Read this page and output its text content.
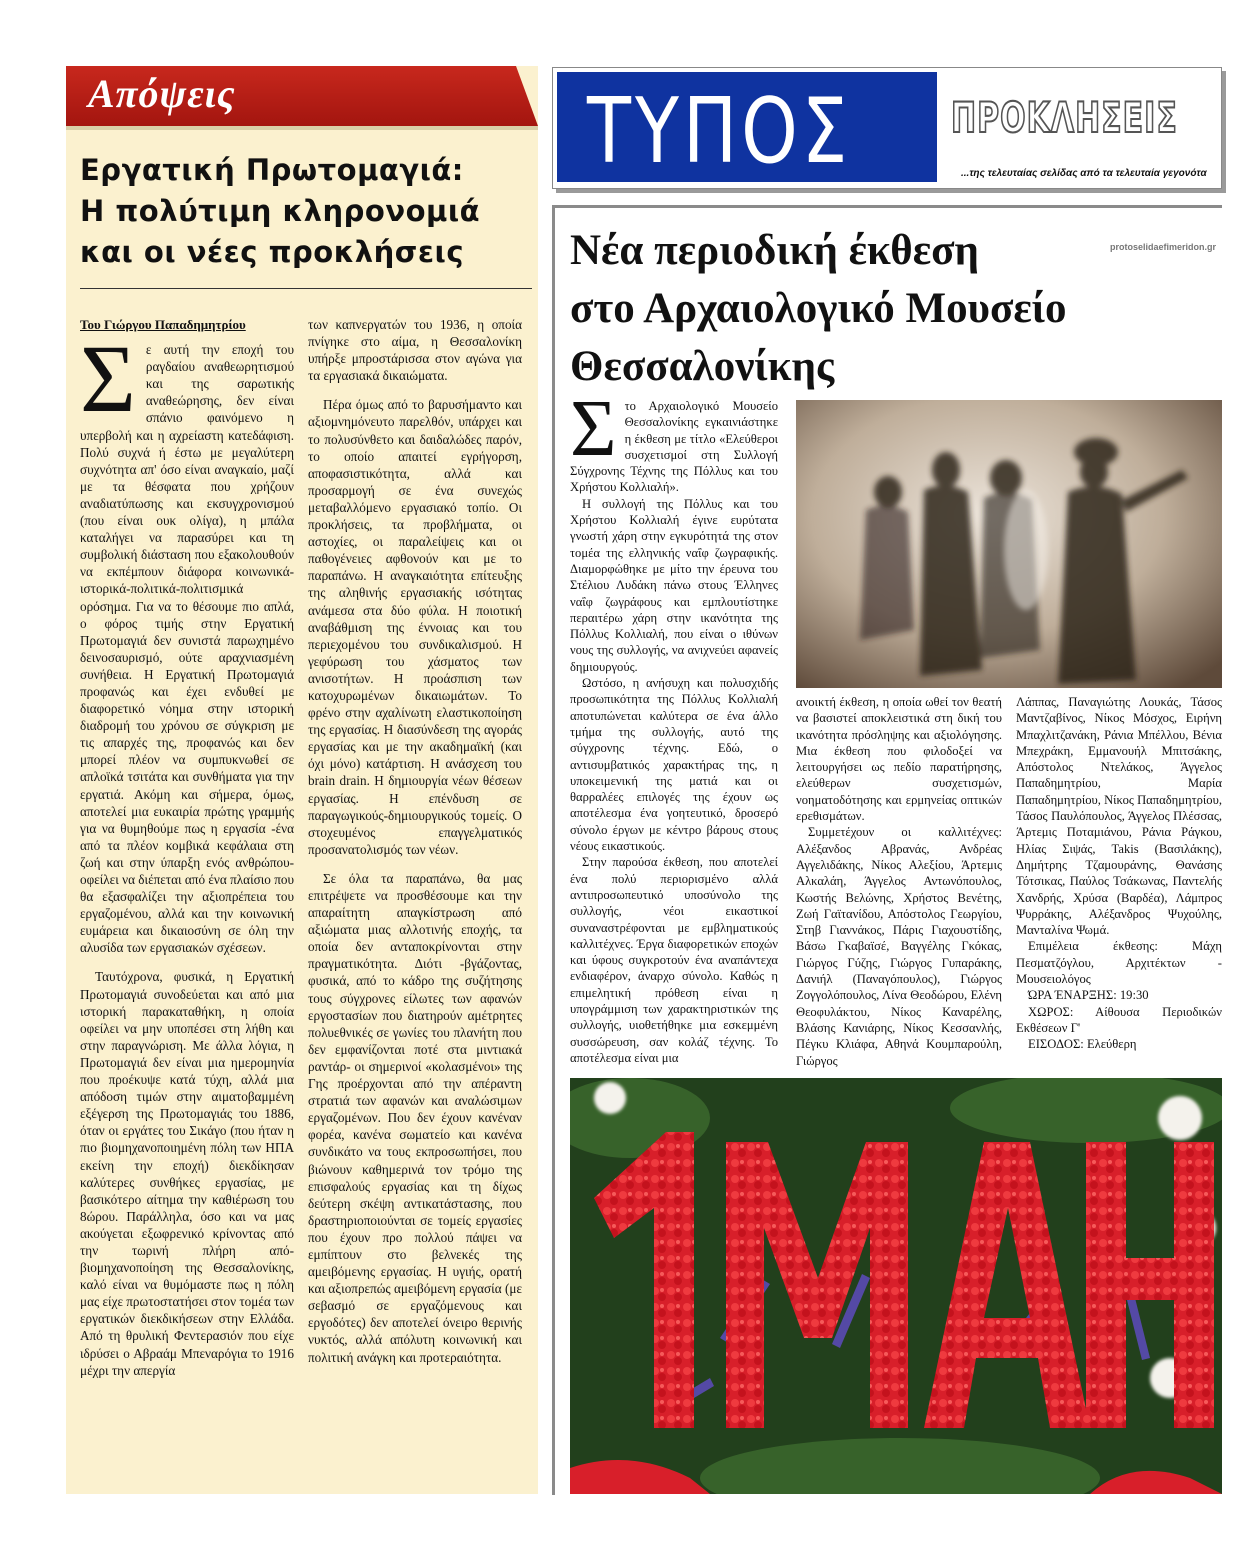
Απόψεις
Εργατική Πρωτομαγιά:
Η πολύτιμη κληρονομιά
και οι νέες προκλήσεις
Του Γιώργου Παπαδημητρίου
Σ ε αυτή την εποχή του ραγδαίου αναθεωρητισμού και της σαρωτικής αναθεώρησης, δεν είναι σπάνιο φαινόμενο η υπερβολή και η αχρείαστη κατεδάφιση. Πολύ συχνά ή έστω με μεγαλύτερη συχνότητα απ' όσο είναι αναγκαίο, μαζί με τα θέσφατα που χρήζουν αναδιατύπωσης και εκσυγχρονισμού (που είναι ουκ ολίγα), η μπάλα καταλήγει να παρασύρει και τη συμβολική διάσταση που εξακολουθούν να εκπέμπουν διάφορα κοινωνικά-ιστορικά-πολιτικά-πολιτισμικά ορόσημα. Για να το θέσουμε πιο απλά, ο φόρος τιμής στην Εργατική Πρωτομαγιά δεν συνιστά παρωχημένο δεινοσαυρισμό, ούτε αραχνιασμένη συνήθεια. Η Εργατική Πρωτομαγιά προφανώς και έχει ενδυθεί με διαφορετικό νόημα στην ιστορική διαδρομή του χρόνου σε σύγκριση με τις απαρχές της, προφανώς και δεν μπορεί πλέον να συμπυκνωθεί σε απλοϊκά τσιτάτα και συνθήματα για την εργατιά. Ακόμη και σήμερα, όμως, αποτελεί μια ευκαιρία πρώτης γραμμής για να θυμηθούμε πως η εργασία -ένα από τα πλέον κομβικά κεφάλαια στη ζωή και στην ύπαρξη ενός ανθρώπου- οφείλει να διέπεται από ένα πλαίσιο που θα εξασφαλίζει την αξιοπρέπεια του εργαζομένου, αλλά και την κοινωνική ευμάρεια και δικαιοσύνη σε όλη την αλυσίδα των εργασιακών σχέσεων.

Ταυτόχρονα, φυσικά, η Εργατική Πρωτομαγιά συνοδεύεται και από μια ιστορική παρακαταθήκη, η οποία οφείλει να μην υποπέσει στη λήθη και στην παραγνώριση. Με άλλα λόγια, η Πρωτομαγιά δεν είναι μια ημερομηνία που προέκυψε κατά τύχη, αλλά μια απόδοση τιμών στην αιματοβαμμένη εξέγερση της Πρωτομαγιάς του 1886, όταν οι εργάτες του Σικάγο (που ήταν η πιο βιομηχανοποιημένη πόλη των ΗΠΑ εκείνη την εποχή) διεκδίκησαν καλύτερες συνθήκες εργασίας, με βασικότερο αίτημα την καθιέρωση του 8ώρου. Παράλληλα, όσο και να μας ακούγεται εξωφρενικό κρίνοντας από την τωρινή πλήρη από-βιομηχανοποίηση της Θεσσαλονίκης, καλό είναι να θυμόμαστε πως η πόλη μας είχε πρωτοστατήσει στον τομέα των εργατικών διεκδικήσεων στην Ελλάδα. Από τη θρυλική Φεντερασιόν που είχε ιδρύσει ο Αβραάμ Μπεναρόγια το 1916 μέχρι την απεργία

των καπνεργατών του 1936, η οποία πνίγηκε στο αίμα, η Θεσσαλονίκη υπήρξε μπροστάρισσα στον αγώνα για τα εργασιακά δικαιώματα.

Πέρα όμως από το βαρυσήμαντο και αξιομνημόνευτο παρελθόν, υπάρχει και το πολυσύνθετο και δαιδαλώδες παρόν, το οποίο απαιτεί εγρήγορση, αποφασιστικότητα, αλλά και προσαρμογή σε ένα συνεχώς μεταβαλλόμενο εργασιακό τοπίο. Οι προκλήσεις, τα προβλήματα, οι αστοχίες, οι παραλείψεις και οι παθογένειες αφθονούν και με το παραπάνω. Η αναγκαιότητα επίτευξης της αληθινής εργασιακής ισότητας ανάμεσα στα δύο φύλα. Η ποιοτική αναβάθμιση της έννοιας και του περιεχομένου του συνδικαλισμού. Η γεφύρωση του χάσματος των ανισοτήτων. Η προάσπιση των κατοχυρωμένων δικαιωμάτων. Το φρένο στην αχαλίνωτη ελαστικοποίηση της εργασίας. Η διασύνδεση της αγοράς εργασίας και με την ακαδημαϊκή (και όχι μόνο) κατάρτιση. Η ανάσχεση του brain drain. Η δημιουργία νέων θέσεων εργασίας. Η επένδυση σε παραγωγικούς-δημιουργικούς τομείς. Ο στοχευμένος επαγγελματικός προσανατολισμός των νέων.

Σε όλα τα παραπάνω, θα μας επιτρέψετε να προσθέσουμε και την απαραίτητη απαγκίστρωση από αξιώματα μιας αλλοτινής εποχής, τα οποία δεν ανταποκρίνονται στην πραγματικότητα. Διότι -βγάζοντας, φυσικά, από το κάδρο της συζήτησης τους σύγχρονες είλωτες των αφανών εργοστασίων που διατηρούν αμέτρητες πολυεθνικές σε γωνίες του πλανήτη που δεν εμφανίζονται ποτέ στα μιντιακά ραντάρ- οι σημερινοί «κολασμένοι» της Γης προέρχονται από την απέραντη στρατιά των αφανών και αναλώσιμων εργαζομένων. Που δεν έχουν κανέναν φορέα, κανένα σωματείο και κανένα συνδικάτο να τους εκπροσωπήσει, που βιώνουν καθημερινά τον τρόμο της επισφαλούς εργασίας και τη δίχως δεύτερη σκέψη αντικατάστασης, που δραστηριοποιούνται σε τομείς εργασίες που έχουν προ πολλού πάψει να εμπίπτουν στο βελνεκές της αμειβόμενης εργασίας. Η υγιής, ορατή και αξιοπρεπώς αμειβόμενη εργασία (με σεβασμό σε εργαζόμενους και εργοδότες) δεν αποτελεί όνειρο θερινής νυκτός, αλλά απόλυτη κοινωνική και πολιτική ανάγκη και προτεραιότητα.

ΤΥΠΟΣ	ΠΡΟΚΛΗΣΕΙΣ
...της τελευταίας σελίδας από τα τελευταία γεγονότα
Νέα περιοδική έκθεση
στο Αρχαιολογικό Μουσείο
Θεσσαλονίκης
protoselidaefimeridon.gr
Σ το Αρχαιολογικό Μουσείο Θεσσαλονίκης εγκαινιάστηκε η έκθεση με τίτλο «Ελεύθεροι συσχετισμοί στη Συλλογή Σύγχρονης Τέχνης της Πόλλυς και του Χρήστου Κολλιαλή».

Η συλλογή της Πόλλυς και του Χρήστου Κολλιαλή έγινε ευρύτατα γνωστή χάρη στην εγκυρότητά της στον τομέα της ελληνικής ναΐφ ζωγραφικής. Διαμορφώθηκε με μίτο την έρευνα του Στέλιου Λυδάκη πάνω στους Έλληνες ναΐφ ζωγράφους και εμπλουτίστηκε περαιτέρω χάρη στην ικανότητα της Πόλλυς Κολλιαλή, που είναι ο ιθύνων νους της συλλογής, να ανιχνεύει αφανείς δημιουργούς.

Ωστόσο, η ανήσυχη και πολυσχιδής προσωπικότητα της Πόλλυς Κολλιαλή αποτυπώνεται καλύτερα σε ένα άλλο τμήμα της συλλογής, αυτό της σύγχρονης τέχνης. Εδώ, ο αντισυμβατικός χαρακτήρας της, η υποκειμενική της ματιά και οι θαρραλέες επιλογές της έχουν ως αποτέλεσμα ένα γοητευτικό, δροσερό σύνολο έργων με κέντρο βάρους στους νέους εικαστικούς.

Στην παρούσα έκθεση, που αποτελεί ένα πολύ περιορισμένο αλλά αντιπροσωπευτικό υποσύνολο της συλλογής, νέοι εικαστικοί συναναστρέφονται με εμβληματικούς καλλιτέχνες. Έργα διαφορετικών εποχών και ύφους συγκροτούν ένα αναπάντεχα ενδιαφέρον, άναρχο σύνολο. Καθώς η επιμελητική πρόθεση είναι η υπογράμμιση των χαρακτηριστικών της συλλογής, υιοθετήθηκε μια εσκεμμένη συσσώρευση, σαν κολάζ τέχνης. Το αποτέλεσμα είναι μια

ανοικτή έκθεση, η οποία ωθεί τον θεατή να βασιστεί αποκλειστικά στη δική του ικανότητα πρόσληψης και αξιολόγησης. Μια έκθεση που φιλοδοξεί να λειτουργήσει ως πεδίο παρατήρησης, ελεύθερων συσχετισμών, νοηματοδότησης και ερμηνείας οπτικών ερεθισμάτων.

Συμμετέχουν οι καλλιτέχνες: Αλέξανδος Αβρανάς, Ανδρέας Αγγελιδάκης, Νίκος Αλεξίου, Άρτεμις Αλκαλάη, Άγγελος Αντωνόπουλος, Κωστής Βελώνης, Χρήστος Βενέτης, Ζωή Γαϊτανίδου, Απόστολος Γεωργίου, Στηβ Γιαννάκος, Πάρις Γιαχουστίδης, Βάσω Γκαβαϊσέ, Βαγγέλης Γκόκας, Γιώργος Γύζης, Γιώργος Γυπαράκης, Δανιήλ (Παναγόπουλος), Γιώργος Ζογγολόπουλος, Λίνα Θεοδώρου, Ελένη Θεοφυλάκτου, Νίκος Καναρέλης, Βλάσης Κανιάρης, Νίκος Κεσσανλής, Πέγκυ Κλιάφα, Αθηνά Κουμπαρούλη, Γιώργος

Λάππας, Παναγιώτης Λουκάς, Τάσος Μαντζαβίνος, Νίκος Μόσχος, Ειρήνη Μπαχλιτζανάκη, Ράνια Μπέλλου, Βένια Μπεχράκη, Εμμανουήλ Μπιτσάκης, Απόστολος Ντελάκος, Άγγελος Παπαδημητρίου, Μαρία Παπαδημητρίου, Νίκος Παπαδημητρίου, Τάσος Παυλόπουλος, Άγγελος Πλέσσας, Άρτεμις Ποταμιάνου, Ράνια Ράγκου, Ηλίας Σιψάς, Takis (Βασιλάκης), Δημήτρης Τζαμουράνης, Θανάσης Τότσικας, Παύλος Τσάκωνας, Παντελής Χανδρής, Χρύσα (Βαρδέα), Λάμπρος Ψυρράκης, Αλέξανδρος Ψυχούλης, Μανταλίνα Ψωμά.

Επιμέλεια έκθεσης: Μάχη Πεσματζόγλου, Αρχιτέκτων - Μουσειολόγος

ΏΡΑ ΈΝΑΡΞΗΣ: 19:30

ΧΩΡΟΣ: Αίθουσα Περιοδικών Εκθέσεων Γ'

ΕΙΣΟΔΟΣ: Ελεύθερη
